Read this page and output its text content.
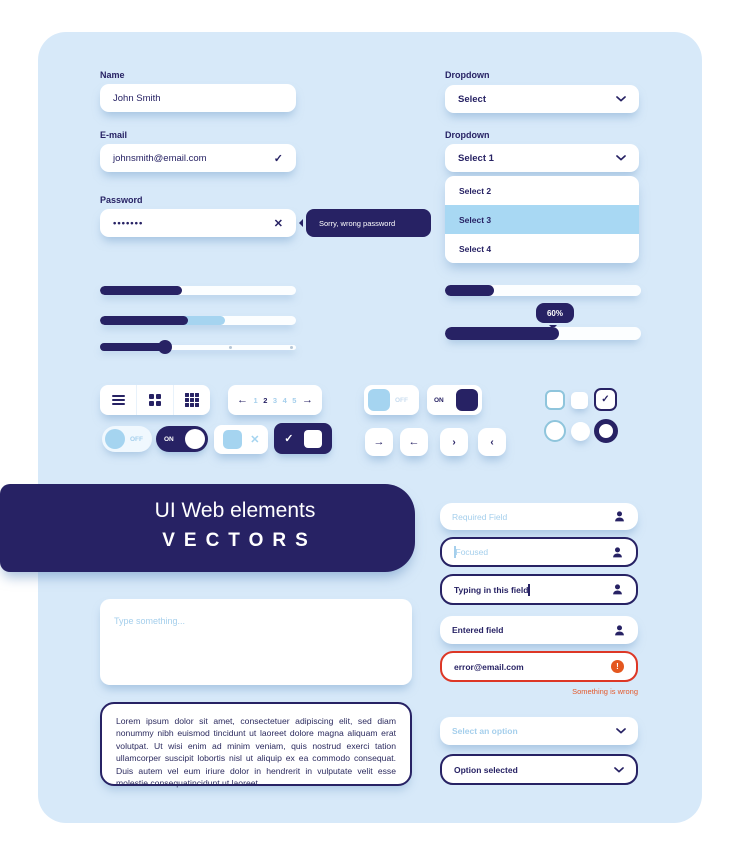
Name
John Smith
E-mail
johnsmith@email.com	✓
Password
•••••••	✕	Sorry, wrong password
Dropdown
Select
Dropdown
Select 1
Select 2
Select 3
Select 4
60%
← 1 2 3 4 5 →
OFF	ON	✕ ✓
OFF	ON
→ ←	›	‹
✓
UI Web elements
VECTORS
Required Field
Focused
Typing in this field
Entered field
error@email.com	!
Something is wrong
Type something...
Lorem ipsum dolor sit amet, consectetuer adipiscing elit, sed diam nonummy nibh euismod tincidunt ut laoreet dolore magna aliquam erat volutpat. Ut wisi enim ad minim veniam, quis nostrud exerci tation ullamcorper suscipit lobortis nisl ut aliquip ex ea commodo consequat. Duis autem vel eum iriure dolor in hendrerit in vulputate velit esse molestie consequatincidunt ut laoreet
Select an option
Option selected
